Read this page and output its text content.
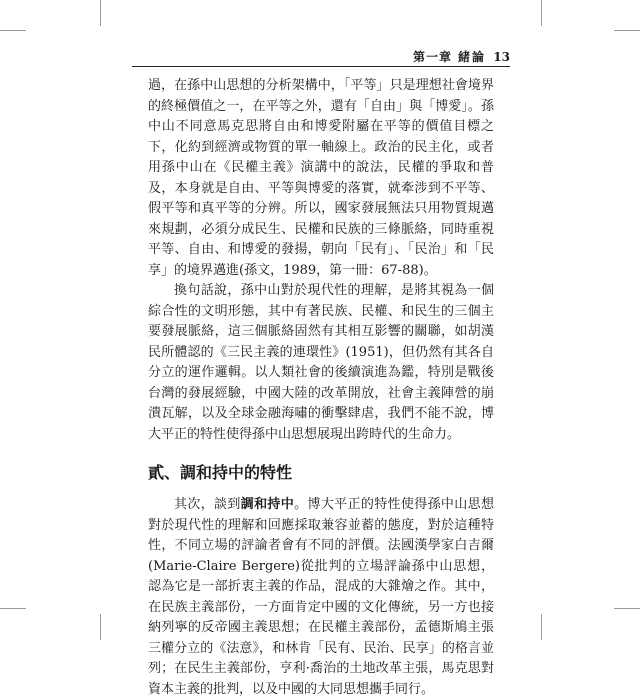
第一章 緒論 13

過，在孫中山思想的分析架構中，「平等」只是理想社會境界的終極價值之一，在平等之外，還有「自由」與「博愛」。孫中山不同意馬克思將自由和博愛附屬在平等的價值目標之下，化約到經濟或物質的單一軸線上。政治的民主化，或者用孫中山在《民權主義》演講中的說法，民權的爭取和普及，本身就是自由、平等與博愛的落實，就牽涉到不平等、假平等和真平等的分辨。所以，國家發展無法只用物質規邁來規劃，必須分成民生、民權和民族的三條脈絡，同時重視平等、自由、和博愛的發揚，朝向「民有」、「民治」和「民享」的境界邁進(孫文，1989，第一冊：67-88)。

換句話說，孫中山對於現代性的理解，是將其視為一個綜合性的文明形態，其中有著民族、民權、和民生的三個主要發展脈絡，這三個脈絡固然有其相互影響的關聯，如胡漢民所體認的《三民主義的連環性》(1951)，但仍然有其各自分立的運作邏輯。以人類社會的後續演進為鑑，特別是戰後台灣的發展經驗，中國大陸的改革開放，社會主義陣營的崩潰瓦解，以及全球金融海嘯的衝擊肆虐，我們不能不說，博大平正的特性使得孫中山思想展現出跨時代的生命力。

貳、調和持中的特性

其次，談到調和持中。博大平正的特性使得孫中山思想對於現代性的理解和回應採取兼容並蓄的態度，對於這種特性，不同立場的評論者會有不同的評價。法國漢學家白吉爾(Marie-Claire Bergere)從批判的立場評論孫中山思想，認為它是一部折衷主義的作品，混成的大雜燴之作。其中，在民族主義部份，一方面肯定中國的文化傳統，另一方也接納列寧的反帝國主義思想；在民權主義部份，孟德斯鳩主張三權分立的《法意》，和林肯「民有、民治、民享」的格言並列；在民生主義部份，亨利·喬治的土地改革主張，馬克思對資本主義的批判，以及中國的大同思想攜手同行。
